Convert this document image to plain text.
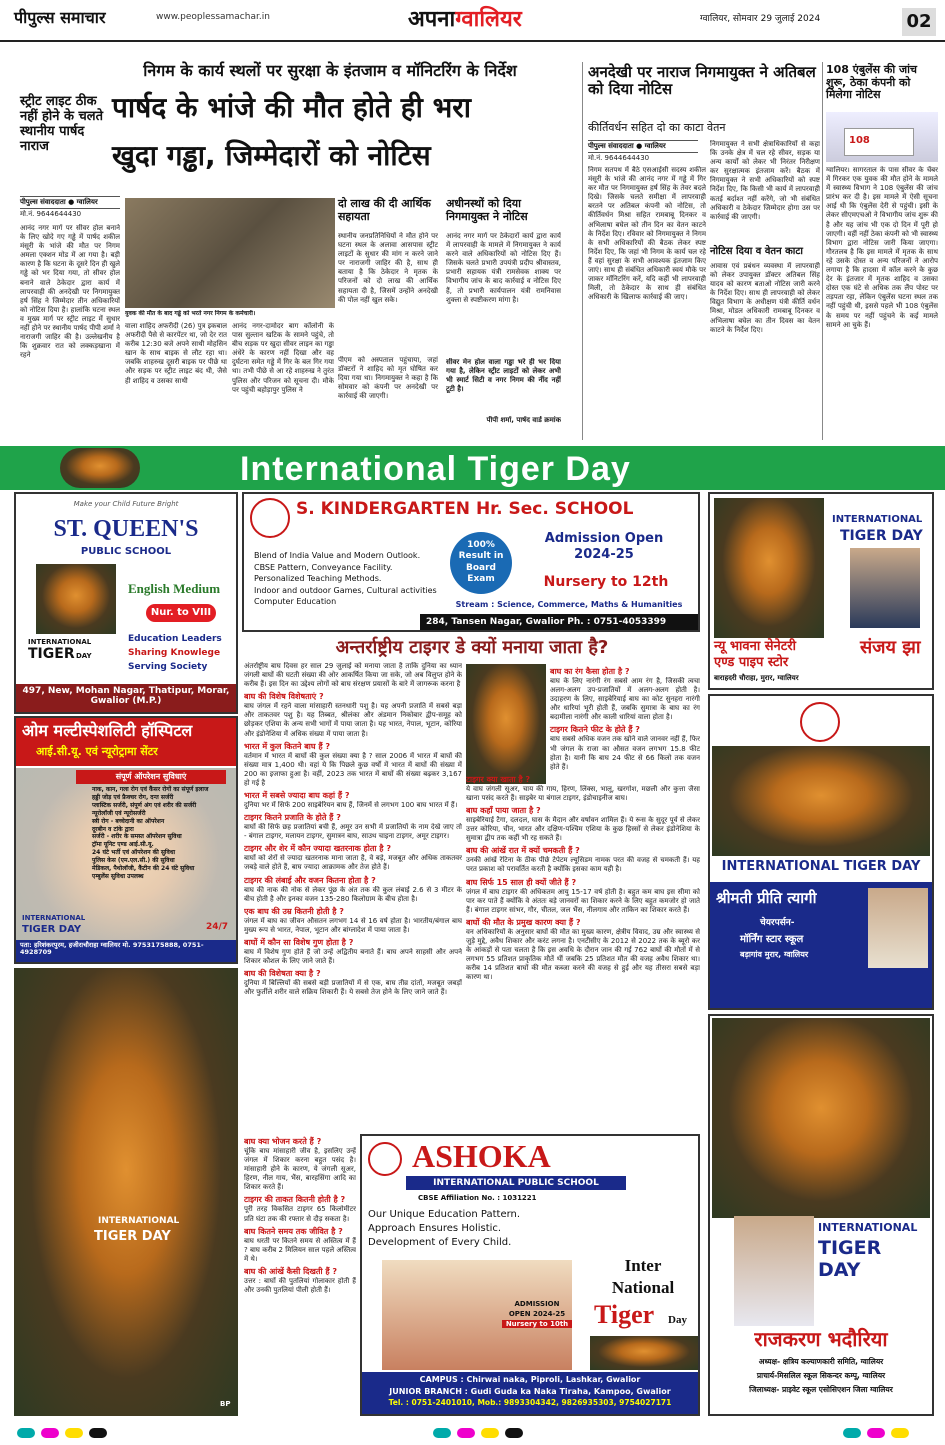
पीपुल्स समाचार	www.peoplessamachar.in	अपनाग्वालियर	ग्वालियर, सोमवार 29 जुलाई 2024	02
निगम के कार्य स्थलों पर सुरक्षा के इंतजाम व मॉनिटरिंग के निर्देश
स्ट्रीट लाइट ठीक नहीं होने के चलते स्थानीय पार्षद नाराज
पार्षद के भांजे की मौत होते ही भरा
खुदा गड्ढा, जिम्मेदारों को नोटिस
पीपुल्स संवाददाता ● ग्वालियर
मो.नं. 9644644430
आनंद नगर मार्ग पर सीवर होल बनाने के लिए खोदे गए गड्ढे में पार्षद शकील मंसूरी के भांजे की मौत पर निगम अमला एक्शन मोड में आ गया है। बड़ी कारण है कि घटना के दूसरे दिन ही खुले गड्ढे को भर दिया गया, तो सीवर होल बनाने वाले ठेकेदार द्वारा कार्य में लापरवाही की अनदेखी पर निगमायुक्त हर्ष सिंह ने जिम्मेदार तीन अधिकारियों को नोटिस दिया है। हालांकि घटना स्थल व मुख्य मार्ग पर स्ट्रीट लाइट में सुधार नहीं होने पर स्थानीय पार्षद पीपी शर्मा ने नाराजगी जाहिर की है। उल्लेखनीय है कि शुक्रवार रात को लक्कड़खाना में रहने
युवक की मौत के बाद गड्ढे को भरते नगर निगम के कर्मचारी।
वाला शाहिद अफरीदी (26) पुत्र इकबाल अफरीदी पैसे से कारपेंटर था, जो देर रात करीब 12:30 बजे अपने साथी मोहसिन खान के साथ बाइक से लौट रहा था। जबकि शाहरुख दूसरी बाइक पर पीछे था और सड़क पर स्ट्रीट लाइट बंद थी, जैसे ही शाहिद व उसका साथी
आनंद नगर-दामोदर बाग कॉलोनी के पास सुल्तान खटिक के सामने पहुंचे, तो बीच सड़क पर खुदा सीवर लाइन का गड्ढा अंधेरे के कारण नहीं दिखा और वह दुर्घटना समेत गड्ढे में गिर के बल गिर गया था। तभी पीछे से आ रहे शाहरुख ने तुरंत पुलिस और परिजन को सूचना दी। मौके पर पहुंची बहोड़ापुर पुलिस ने
दो लाख की दी आर्थिक सहायता
स्थानीय जनप्रतिनिधियों ने मौत होने पर घटना स्थल के अलावा आसपास स्ट्रीट लाइटों के सुधार की मांग न करने जाने पर नाराजगी जाहिर की है, साथ ही बताया है कि ठेकेदार ने मृतक के परिजनों को दो लाख की आर्थिक सहायता दी है, जिसमें उन्होंने अनदेखी की पोल नहीं खुल सके।
पीएम को अस्पताल पहुंचाया, जहां डॉक्टरों ने शाहिद को मृत घोषित कर दिया गया था। निगमायुक्त ने कहा है कि सोमवार को कंपनी पर अनदेखी पर कार्रवाई की जाएगी।
अधीनस्थों को दिया निगमायुक्त ने नोटिस
आनंद नगर मार्ग पर ठेकेदारों कार्य द्वारा कार्य में लापरवाही के मामले में निगमायुक्त ने कार्य करने वाले अधिकारियों को नोटिस दिए हैं। जिसके चलते प्रभारी उपयंत्री प्रदीप श्रीवास्तव, प्रभारी सहायक यंत्री रामसेवक शाक्य पर विभागीय जांच के बाद कार्रवाई व नोटिस दिए हैं, तो प्रभारी कार्यपालन यंत्री रामनिवास शुक्ला से स्पष्टीकरण मांगा है।
सीवर मेन होल वाला गड्ढा भरे ही भर दिया गया है, लेकिन स्ट्रीट लाइटों को लेकर अभी भी स्मार्ट सिटी व नगर निगम की नींद नहीं टूटी है।
पीपी शर्मा, पार्षद वार्ड क्रमांक
अनदेखी पर नाराज निगमायुक्त ने अतिबल को दिया नोटिस
कीर्तिवर्धन सहित दो का काटा वेतन
पीपुल्स संवाददाता ● ग्वालियर
मो.नं. 9644644430
निगम सतपथ में बैठे एसआईसी सदस्य शकील मंसूरी के भांजे की आनंद नगर में गड्ढे में गिर कर मौत पर निगमायुक्त हर्ष सिंह के तेवर बदले दिखे। जिसके चलते समीक्षा में लापरवाही बरतने पर अतिबल कंपनी को नोटिस, तो कीर्तिवर्धन मिश्रा सहित रामबाबू दिनकर व अभिलाषा बघेल को तीन दिन का वेतन काटने के निर्देश दिए। रविवार को निगमायुक्त ने निगम के सभी अधिकारियों की बैठक लेकर स्पष्ट निर्देश दिए, कि जहां भी निगम के कार्य चल रहे हैं वहां सुरक्षा के सभी आवश्यक इंतजाम किए जाएं। साथ ही संबंधित अधिकारी स्वयं मौके पर जाकर मॉनिटरिंग करें, यदि कहीं भी लापरवाही मिली, तो ठेकेदार के साथ ही संबंधित अधिकारी के खिलाफ कार्रवाई की जाए।
निगमायुक्त ने सभी क्षेत्राधिकारियों से कहा कि उनके क्षेत्र में चल रहे सीवर, सड़क या अन्य कार्यों को लेकर भी निरंतर निरीक्षण कर सुरक्षात्मक इंतजाम करें। बैठक में निगमायुक्त ने सभी अधिकारियों को स्पष्ट निर्देश दिए, कि किसी भी कार्य में लापरवाही कतई बर्दाश्त नहीं करेंगे, जो भी संबंधित अधिकारी व ठेकेदार जिम्मेदार होगा उस पर कार्रवाई की जाएगी।
नोटिस दिया व वेतन काटा
आवास एवं प्रबंधन व्यवस्था में लापरवाही को लेकर उपायुक्त डॉक्टर अतिबल सिंह यादव को कारण बताओ नोटिस जारी करने के निर्देश दिए। साथ ही लापरवाही को लेकर विद्युत विभाग के अधीक्षण यंत्री कीर्ति वर्धन मिश्रा, मोडल अधिकारी रामबाबू दिनकर व अभिलाषा बघेल का तीन दिवस का वेतन काटने के निर्देश दिए।
108 एंबुलेंस की जांच शुरू, ठेका कंपनी को मिलेगा नोटिस
108
ग्वालियर। सागरताल के पास सीवर के चेंबर में गिरकर एक युवक की मौत होने के मामले में स्वास्थ्य विभाग ने 108 एंबुलेंस की जांच प्रारंभ कर दी है। इस मामले में ऐसी सूचना आई थी कि एंबुलेंस देरी से पहुंची। इसी के लेकर सीएमएचओ ने विभागीय जांच शुरू की है और यह जांच भी एक दो दिन में पूरी हो जाएगी। वहीं नहीं ठेका कंपनी को भी स्वास्थ्य विभाग द्वारा नोटिस जारी किया जाएगा। गौरतलब है कि इस मामले में मृतक के साथ रहे उसके दोस्त व अन्य परिजनों ने आरोप लगाया है कि हादसा में कॉल करने के कुछ देर के इंतजार में मृतक शाहिद व उसका दोस्त एक घंटे से अधिक तक लैंप पोस्ट पर तड़पता रहा, लेकिन एंबुलेंस घटना स्थल तक नहीं पहुंची थी, इससे पहले भी 108 एंबुलेंस के समय पर नहीं पहुंचने के कई मामले सामने आ चुके हैं।
International Tiger Day
Make your Child Future Bright
ST. QUEEN'S
PUBLIC SCHOOL
English Medium
Nur. to VIII
INTERNATIONAL
TIGER DAY
Education Leaders
Sharing Knowlege
Serving Society
497, New, Mohan Nagar, Thatipur, Morar, Gwalior (M.P.)
S. KINDERGARTEN Hr. Sec. SCHOOL
Blend of India Value and Modern Outlook.
CBSE Pattern, Conveyance Facility.
Personalized Teaching Methods.
Indoor and outdoor Games, Cultural activities
Computer Education
100%
Result in
Board
Exam
Admission Open
2024-25
Nursery to 12th
Stream : Science, Commerce, Maths & Humanities
284, Tansen Nagar, Gwalior Ph. : 0751-4053399
INTERNATIONAL
TIGER DAY
न्यू भावना सेनेटरी
एण्ड पाइप स्टोर
बाराहदरी चौराहा, मुरार, ग्वालियर
संजय झा
ओम मल्टीस्पेशलिटी हॉस्पिटल
आई.सी.यू. एवं न्यूरोट्रामा सेंटर
संपूर्ण ऑपरेशन सुविधाएं
नाक, कान, गला रोग एवं कैंसर रोगों का संपूर्ण इलाज
हड्डी जोड़ एवं फ्रैक्चर रोग, दन्त सर्जरी
प्लास्टिक सर्जरी, संपूर्ण अंग एवं शरीर की सर्जरी
न्यूरोलॉजी एवं न्यूरोसर्जरी
स्त्री रोग - बच्चेदानी का ऑपरेशन
दूरबीन व टांके द्वारा
सर्जरी - शरीर के समस्त ऑपरेशन सुविधा
ट्रॉमा यूनिट एण्ड आई.सी.यू.
24 घंटे भर्ती एवं ऑपरेशन की सुविधा
पुलिस केस (एम.एल.सी.) की सुविधा
मेडिकल, पैथोलॉजी, कैंटीन की 24 घंटे सुविधा
एम्बुलेंस सुविधा उपलब्ध
INTERNATIONAL
TIGER DAY	24/7
पता: हरिशंकरपुरम, हजीराचौराहा ग्वालियर मो. 9753175888, 0751-4928709
INTERNATIONAL
TIGER DAY
BP
अन्तर्राष्ट्रीय टाइगर डे क्यों मनाया जाता है?
अंतर्राष्ट्रीय बाघ दिवस हर साल 29 जुलाई को मनाया जाता है ताकि दुनिया का ध्यान जंगली बाघों की घटती संख्या की ओर आकर्षित किया जा सके, जो अब विलुप्त होने के करीब हैं। इस दिन का उद्देश्य लोगों को बाघ संरक्षण प्रयासों के बारे में जागरूक करना है
बाघ की विशेष विशेषताएं ?
बाघ जंगल में रहने वाला मांसाहारी स्तनधारी पशु है। यह अपनी प्रजाति में सबसे बड़ा और ताकतवर पशु है। यह तिब्बत, श्रीलंका और अंडमान निकोबार द्वीप-समूह को छोड़कर एशिया के अन्य सभी भागों में पाया जाता है। यह भारत, नेपाल, भूटान, कोरिया और इंडोनेशिया में अधिक संख्या में पाया जाता है।
भारत में कुल कितने बाघ हैं ?
वर्तमान में भारत में बाघों की कुल संख्या क्या है ? साल 2006 में भारत में बाघों की संख्या मात्र 1,400 थी। वहां ये कि पिछले कुछ वर्षों में भारत में बाघों की संख्या में 200 का इजाफा हुआ है। वहीं, 2023 तक भारत में बाघों की संख्या बढ़कर 3,167 हो गई है
भारत में सबसे ज्यादा बाघ कहां हैं ?
दुनिया भर में सिर्फ 200 साइबेरियन बाघ हैं, जिनमें से लगभग 100 बाघ भारत में हैं।
टाइगर कितने प्रजाति के होते हैं ?
बाघों की सिर्फ छह प्रजातियां बची हैं, अमूर उन सभी में प्रजातियों के नाम देखे जाए तो - बंगाल टाइगर, मलायन टाइगर, सुमात्रन बाघ, साउथ चाइना टाइगर, अमूर टाइगर।
टाइगर और शेर में कौन ज्यादा खतरनाक होता है ?
बाघों को शेरों से ज्यादा खतरनाक माना जाता है, वे बड़े, मजबूत और अधिक ताकतवर जबड़े वाले होते हैं, बाघ ज्यादा आक्रामक और तेज होते हैं।
टाइगर की लंबाई और वजन कितना होता है ?
बाघ की नाक की नोक से लेकर पूंछ के अंत तक की कुल लंबाई 2.6 से 3 मीटर के बीच होती है और इनका वजन 135-280 किलोग्राम के बीच होता है।
एक बाघ की उम्र कितनी होती है ?
जंगल में बाघ का जीवन औसतन लगभग 14 से 16 वर्ष होता है। भारतीय/बंगाल बाघ मुख्य रूप से भारत, नेपाल, भूटान और बांग्लादेश में पाया जाता है।
बाघों में कौन सा विशेष गुण होता है ?
बाघ में विशेष गुण होते हैं जो उन्हें अद्वितीय बनाते हैं। बाघ अपने साहसी और अपने शिकार कौशल के लिए जाने जाते हैं।
बाघ की विशेषता क्या है ?
दुनिया में बिल्लियों की सबसे बड़ी प्रजातियों में से एक, बाघ तीव्र दांतों, मजबूत जबड़ों और फुर्तीले शरीर वाले सक्रिय शिकारी हैं। ये सबसे तेज होने के लिए जाने जाते हैं।
बाघ क्या भोजन करते हैं ?
चूंकि बाघ मांसाहारी जीव है, इसलिए उन्हें जंगल में शिकार करना बहुत पसंद है। मांसाहारी होने के कारण, ये जंगली सूअर, हिरण, नील गाय, भैंस, बारहसिंगा आदि का शिकार करते हैं।
टाइगर की ताकत कितनी होती है ?
पूरी तरह विकसित टाइगर 65 किलोमीटर प्रति घंटा तक की रफ्तार से दौड़ सकता है।
बाघ कितने समय तक जीवित है ?
बाघ धरती पर कितने समय से अस्तित्व में हैं ? बाघ करीब 2 मिलियन साल पहले अस्तित्व में थे।
बाघ की आंखें कैसी दिखती हैं ?
उत्तर : बाघों की पुतलियां गोलाकार होती हैं और उनकी पुतलियां पीली होती हैं।
बाघ का रंग कैसा होता है ?
बाघ के लिए नारंगी रंग सबसे आम रंग है, जिसकी त्वचा अलग-अलग उप-प्रजातियों में अलग-अलग होती है। उदाहरण के लिए, साइबेरियाई बाघ का कोट सुनहरा नारंगी और धारियां भूरी होती हैं, जबकि सुमात्रा के बाघ का रंग बदामीला नारंगी और काली धारियां वाला होता है।
टाइगर कितने फीट के होते हैं ?
बाघ सबसे अधिक वजन तक खोने वाले जानवर नहीं हैं, फिर भी जंगल के राजा का औसत वजन लगभग 15.8 फीट होता है। यानी कि बाघ 24 फीट से 66 किलो तक वजन होते हैं।
टाइगर क्या खाता है ?
ये वाघ जंगली सूअर, चाय की गाय, हिरण, लिंक्स, भालू, खरगोश, मछली और कुत्ता जैसा खाना पसंद करते हैं। साइबेर या बंगाल टाइगर, इंडोचाइनीज बाघ।
बाघ कहाँ पाया जाता है ?
साइबेरियाई टैगा, दलदल, घास के मैदान और वर्षावन शामिल हैं। ये रूस के सुदूर पूर्व से लेकर उत्तर कोरिया, चीन, भारत और दक्षिण-पश्चिम एशिया के कुछ हिस्सों से लेकर इंडोनेशिया के सुमात्रा द्वीप तक कहीं भी रह सकते हैं।
बाघ की आंखें रात में क्यों चमकती हैं ?
उनकी आंखें रेटिना के ठीक पीछे टेपेटम ल्यूसिडम नामक परत की वजह से चमकती हैं। यह परत प्रकाश को परावर्तित करती है क्योंकि इसका काम यही है।
बाघ सिर्फ 15 साल ही क्यों जीते हैं ?
जंगल में बाघ टाइगर की अधिकतम आयु 15-17 वर्ष होती है। बहुत कम बाघ इस सीमा को पार कर पाते हैं क्योंकि वे अंततः बड़े जानवरों का शिकार करने के लिए बहुत कमजोर हो जाते हैं। बंगाल टाइगर सांभर, गौर, चीतल, जल भैंस, नीलगाय और ताकिन का शिकार करते हैं।
बाघों की मौत के प्रमुख कारण क्या हैं ?
वन अधिकारियों के अनुसार बाघों की मौत का मुख्य कारण, क्षेत्रीय विवाद, उम्र और स्वास्थ्य से जुड़े मुद्दे, अवैध शिकार और करंट लगना है। एनटीसीए के 2012 से 2022 तक के ब्यूरो कर के आंकड़ों से पता चलता है कि इस अवधि के दौरान जान की गई 762 बाघों की मौतों में से लगभग 55 प्रतिशत प्राकृतिक मौतें थीं जबकि 25 प्रतिशत मौत की वजह अवैध शिकार था। करीब 14 प्रतिशत बाघों की मौत कब्जा करने की वजह से हुई और यह तीसरा सबसे बड़ा कारण था।
ASHOKA
INTERNATIONAL PUBLIC SCHOOL
CBSE Affiliation No. : 1031221
Our Unique Education Pattern.
Approach Ensures Holistic.
Development of Every Child.
ADMISSION
OPEN 2024-25
Nursery to 10th
Inter
National
Tiger	Day
CAMPUS : Chirwai naka, Piproli, Lashkar, Gwalior
JUNIOR BRANCH : Gudi Guda ka Naka Tiraha, Kampoo, Gwalior
Tel. : 0751-2401010, Mob.: 9893304342, 9826935303, 9754027171
INTERNATIONAL TIGER DAY
श्रीमती प्रीति त्यागी
चेयरपर्सन-
मॉर्निंग स्टार स्कूल
बड़ागांव मुरार, ग्वालियर
INTERNATIONAL
TIGER DAY
राजकरण भदौरिया
अध्यक्ष- क्षत्रिय कल्याणकारी समिति, ग्वालियर
प्राचार्य-मिसलिल स्कूल सिकन्दर कम्पू, ग्वालियर
जिलाध्यक्ष- प्राइवेट स्कूल एसोसिएशन जिला ग्वालियर
